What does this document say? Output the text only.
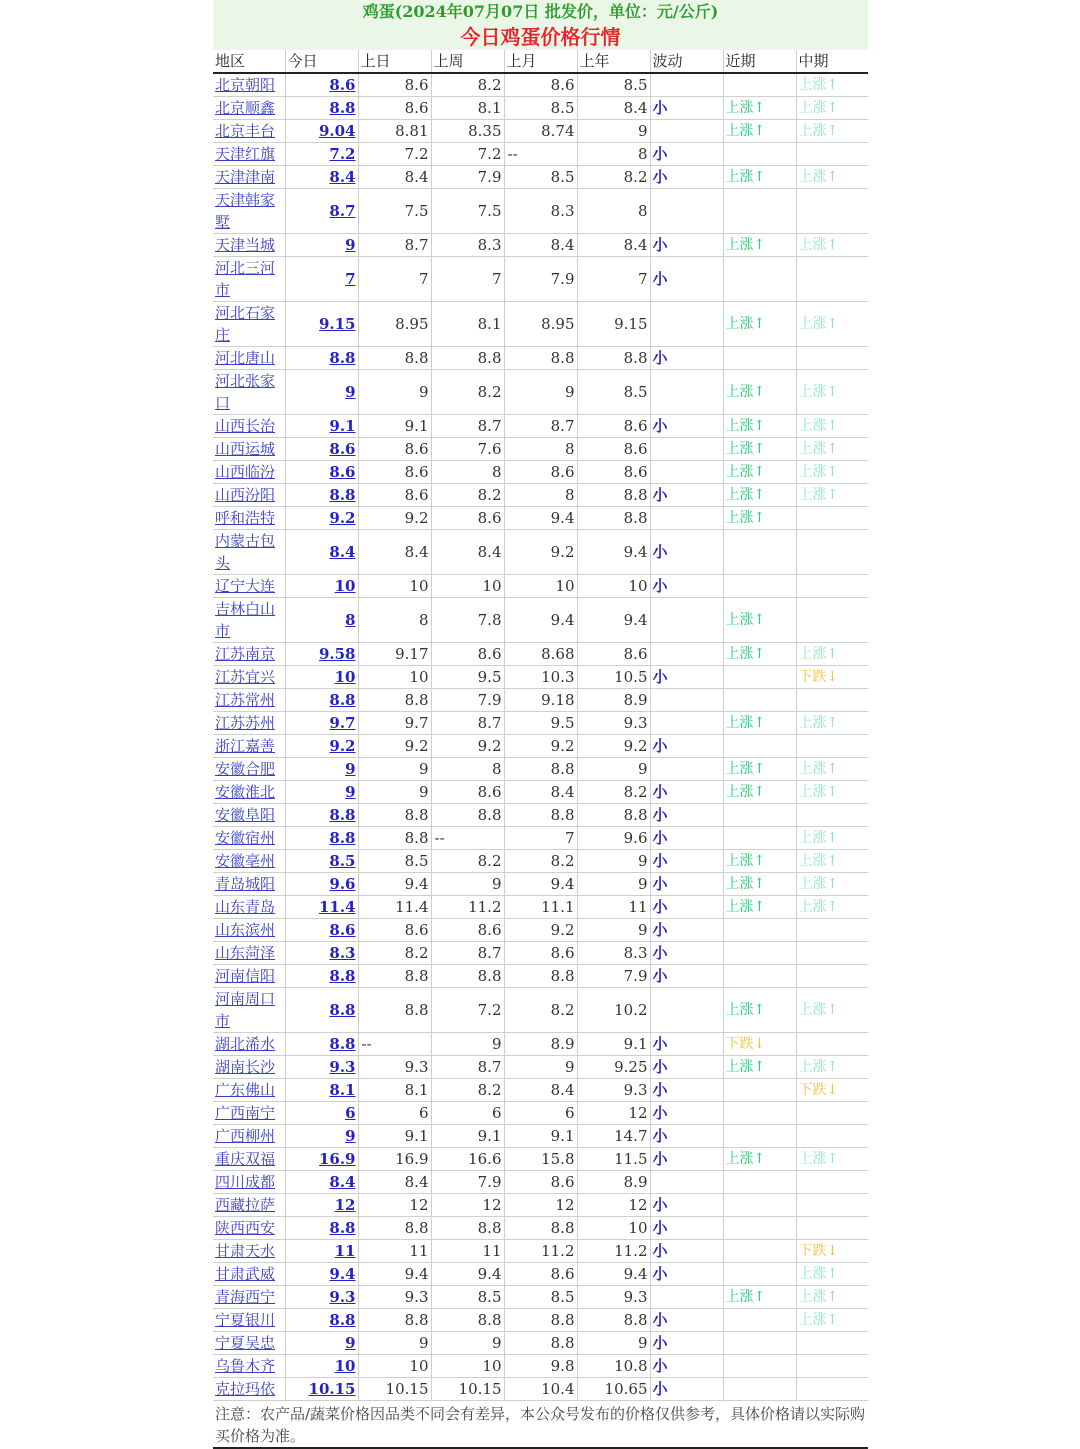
鸡蛋(2024年07月07日 批发价，单位：元/公斤)
今日鸡蛋价格行情
地区	今日	上日	上周	上月	上年	波动	近期	中期
北京朝阳	8.6	8.6	8.2	8.6	8.5			上涨↑
北京顺鑫	8.8	8.6	8.1	8.5	8.4	小	上涨↑	上涨↑
北京丰台	9.04	8.81	8.35	8.74	9		上涨↑	上涨↑
天津红旗	7.2	7.2	7.2	--	8	小		
天津津南	8.4	8.4	7.9	8.5	8.2	小	上涨↑	上涨↑
天津韩家墅	8.7	7.5	7.5	8.3	8			
天津当城	9	8.7	8.3	8.4	8.4	小	上涨↑	上涨↑
河北三河市	7	7	7	7.9	7	小		
河北石家庄	9.15	8.95	8.1	8.95	9.15		上涨↑	上涨↑
河北唐山	8.8	8.8	8.8	8.8	8.8	小		
河北张家口	9	9	8.2	9	8.5		上涨↑	上涨↑
山西长治	9.1	9.1	8.7	8.7	8.6	小	上涨↑	上涨↑
山西运城	8.6	8.6	7.6	8	8.6		上涨↑	上涨↑
山西临汾	8.6	8.6	8	8.6	8.6		上涨↑	上涨↑
山西汾阳	8.8	8.6	8.2	8	8.8	小	上涨↑	上涨↑
呼和浩特	9.2	9.2	8.6	9.4	8.8		上涨↑	
内蒙古包头	8.4	8.4	8.4	9.2	9.4	小		
辽宁大连	10	10	10	10	10	小		
吉林白山市	8	8	7.8	9.4	9.4		上涨↑	
江苏南京	9.58	9.17	8.6	8.68	8.6		上涨↑	上涨↑
江苏宜兴	10	10	9.5	10.3	10.5	小		下跌↓
江苏常州	8.8	8.8	7.9	9.18	8.9			
江苏苏州	9.7	9.7	8.7	9.5	9.3		上涨↑	上涨↑
浙江嘉善	9.2	9.2	9.2	9.2	9.2	小		
安徽合肥	9	9	8	8.8	9		上涨↑	上涨↑
安徽淮北	9	9	8.6	8.4	8.2	小	上涨↑	上涨↑
安徽阜阳	8.8	8.8	8.8	8.8	8.8	小		
安徽宿州	8.8	8.8	--	7	9.6	小		上涨↑
安徽亳州	8.5	8.5	8.2	8.2	9	小	上涨↑	上涨↑
青岛城阳	9.6	9.4	9	9.4	9	小	上涨↑	上涨↑
山东青岛	11.4	11.4	11.2	11.1	11	小	上涨↑	上涨↑
山东滨州	8.6	8.6	8.6	9.2	9	小		
山东菏泽	8.3	8.2	8.7	8.6	8.3	小		
河南信阳	8.8	8.8	8.8	8.8	7.9	小		
河南周口市	8.8	8.8	7.2	8.2	10.2		上涨↑	上涨↑
湖北浠水	8.8	--	9	8.9	9.1	小	下跌↓	
湖南长沙	9.3	9.3	8.7	9	9.25	小	上涨↑	上涨↑
广东佛山	8.1	8.1	8.2	8.4	9.3	小		下跌↓
广西南宁	6	6	6	6	12	小		
广西柳州	9	9.1	9.1	9.1	14.7	小		
重庆双福	16.9	16.9	16.6	15.8	11.5	小	上涨↑	上涨↑
四川成都	8.4	8.4	7.9	8.6	8.9			
西藏拉萨	12	12	12	12	12	小		
陕西西安	8.8	8.8	8.8	8.8	10	小		
甘肃天水	11	11	11	11.2	11.2	小		下跌↓
甘肃武威	9.4	9.4	9.4	8.6	9.4	小		上涨↑
青海西宁	9.3	9.3	8.5	8.5	9.3		上涨↑	上涨↑
宁夏银川	8.8	8.8	8.8	8.8	8.8	小		上涨↑
宁夏吴忠	9	9	9	8.8	9	小		
乌鲁木齐	10	10	10	9.8	10.8	小		
克拉玛依	10.15	10.15	10.15	10.4	10.65	小		
注意：农产品/蔬菜价格因品类不同会有差异，本公众号发布的价格仅供参考，具体价格请以实际购买价格为准。
